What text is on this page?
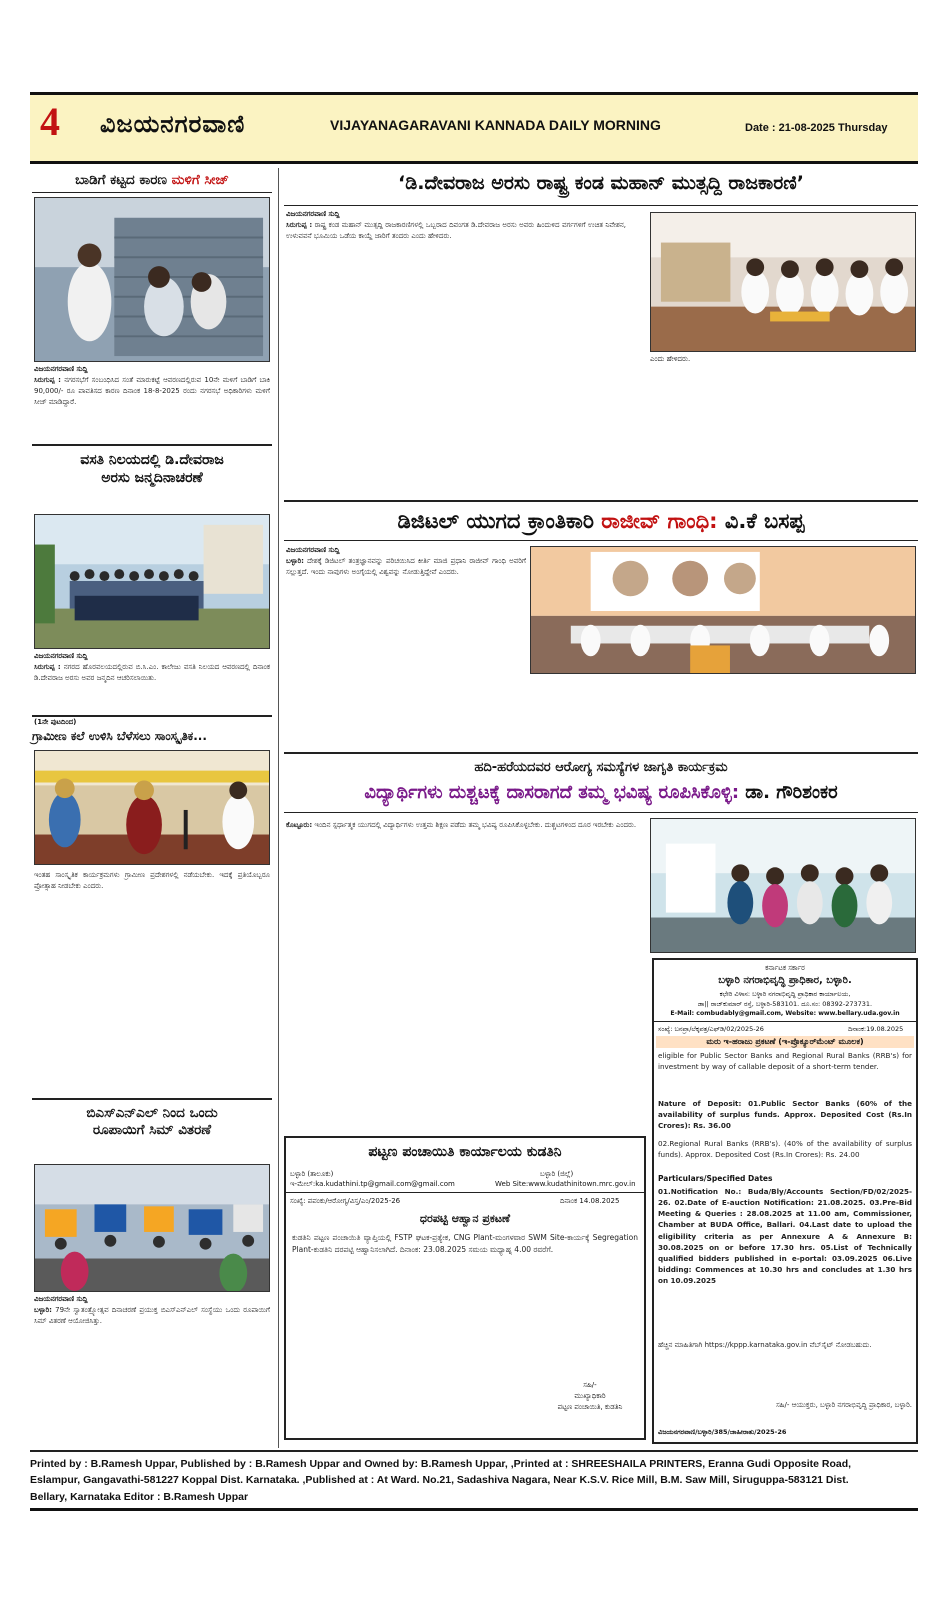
4 ವಿಜಯನಗರವಾಣಿ	VIJAYANAGARAVANI KANNADA DAILY MORNING	Date : 21-08-2025 Thursday
ಬಾಡಿಗೆ ಕಟ್ಟದ ಕಾರಣ ಮಳಿಗೆ ಸೀಜ್
ವಿಜಯನಗರವಾಣಿ ಸುದ್ದಿ
ಸಿರುಗುಪ್ಪ : ನಗರಸಭೆಗೆ ಸಂಬಂಧಿಸಿದ ಸಂತೆ ಮಾರುಕಟ್ಟೆ ಆವರಣದಲ್ಲಿರುವ 10ನೇ ಮಳಿಗೆ ಬಾಡಿಗೆ ಬಾಕಿ 90,000/- ರೂ ಪಾವತಿಸದ ಕಾರಣ ದಿನಾಂಕ 18-8-2025 ರಂದು ನಗರಸಭೆ ಅಧಿಕಾರಿಗಳು ಮಳಿಗೆ ಸೀಜ್ ಮಾಡಿದ್ದಾರೆ.
ವಸತಿ ನಿಲಯದಲ್ಲಿ ಡಿ.ದೇವರಾಜ
ಅರಸು ಜನ್ಮದಿನಾಚರಣೆ
ವಿಜಯನಗರವಾಣಿ ಸುದ್ದಿ
ಸಿರುಗುಪ್ಪ : ನಗರದ ಹೊರವಲಯದಲ್ಲಿರುವ ಬಿ.ಸಿ.ಎಂ. ಕಾಲೇಜು ವಸತಿ ನಿಲಯದ ಆವರಣದಲ್ಲಿ ದಿನಾಂಕ ಡಿ.ದೇವರಾಜ ಅರಸು ಅವರ ಜನ್ಮದಿನ ಆಚರಿಸಲಾಯಿತು.
(1ನೇ ಪುಟದಿಂದ)
ಗ್ರಾಮೀಣ ಕಲೆ ಉಳಿಸಿ ಬೆಳೆಸಲು ಸಾಂಸ್ಕೃತಿಕ...
ಇಂತಹ ಸಾಂಸ್ಕೃತಿಕ ಕಾರ್ಯಕ್ರಮಗಳು ಗ್ರಾಮೀಣ ಪ್ರದೇಶಗಳಲ್ಲಿ ನಡೆಯಬೇಕು. ಇದಕ್ಕೆ ಪ್ರತಿಯೊಬ್ಬರೂ ಪ್ರೋತ್ಸಾಹ ನೀಡಬೇಕು ಎಂದರು.
ಬಿಎಸ್‌ಎನ್‌ಎಲ್ ನಿಂದ ಒಂದು
ರೂಪಾಯಿಗೆ ಸಿಮ್ ವಿತರಣೆ
ವಿಜಯನಗರವಾಣಿ ಸುದ್ದಿ
ಬಳ್ಳಾರಿ: 79ನೇ ಸ್ವಾತಂತ್ರ್ಯೋತ್ಸವ ದಿನಾಚರಣೆ ಪ್ರಯುಕ್ತ ಬಿಎಸ್‌ಎನ್‌ಎಲ್ ಸಂಸ್ಥೆಯು ಒಂದು ರೂಪಾಯಿಗೆ ಸಿಮ್ ವಿತರಣೆ ಆಯೋಜಿಸಿತ್ತು.
‘ಡಿ.ದೇವರಾಜ ಅರಸು ರಾಷ್ಟ್ರ ಕಂಡ ಮಹಾನ್ ಮುತ್ಸದ್ದಿ ರಾಜಕಾರಣಿ’
ವಿಜಯನಗರವಾಣಿ ಸುದ್ದಿ
ಸಿರುಗುಪ್ಪ : ರಾಷ್ಟ್ರ ಕಂಡ ಮಹಾನ್ ಮುತ್ಸದ್ದಿ ರಾಜಕಾರಣಿಗಳಲ್ಲಿ ಒಬ್ಬರಾದ ದಿವಂಗತ ಡಿ.ದೇವರಾಜ ಅರಸು ಅವರು ಹಿಂದುಳಿದ ವರ್ಗಗಳಿಗೆ ಉಚಿತ ನಿವೇಶನ, ಉಳುವವನೆ ಭೂಮಿಯ ಒಡೆಯ ಕಾಯ್ದೆ ಜಾರಿಗೆ ತಂದರು ಎಂದು ಹೇಳಿದರು.
ಎಂದು ಹೇಳಿದರು.
ಡಿಜಿಟಲ್ ಯುಗದ ಕ್ರಾಂತಿಕಾರಿ ರಾಜೀವ್ ಗಾಂಧಿ: ವಿ.ಕೆ ಬಸಪ್ಪ
ವಿಜಯನಗರವಾಣಿ ಸುದ್ದಿ
ಬಳ್ಳಾರಿ: ದೇಶಕ್ಕೆ ಡಿಜಿಟಲ್ ತಂತ್ರಜ್ಞಾನವನ್ನು ಪರಿಚಯಿಸಿದ ಕೀರ್ತಿ ಮಾಜಿ ಪ್ರಧಾನಿ ರಾಜೀವ್ ಗಾಂಧಿ ಅವರಿಗೆ ಸಲ್ಲುತ್ತದೆ. ಇಂದು ನಾವುಗಳು ಅಂಗೈಯಲ್ಲಿ ವಿಶ್ವವನ್ನು ನೋಡುತ್ತಿದ್ದೇವೆ ಎಂದರು.
ಹದಿ-ಹರೆಯದವರ ಆರೋಗ್ಯ ಸಮಸ್ಯೆಗಳ ಜಾಗೃತಿ ಕಾರ್ಯಕ್ರಮ
ವಿದ್ಯಾರ್ಥಿಗಳು ದುಶ್ಚಟಕ್ಕೆ ದಾಸರಾಗದೆ ತಮ್ಮ ಭವಿಷ್ಯ ರೂಪಿಸಿಕೊಳ್ಳಿ: ಡಾ. ಗೌರಿಶಂಕರ
ಕೊಟ್ಟೂರು: ಇಂದಿನ ಸ್ಪರ್ಧಾತ್ಮಕ ಯುಗದಲ್ಲಿ ವಿದ್ಯಾರ್ಥಿಗಳು ಉತ್ತಮ ಶಿಕ್ಷಣ ಪಡೆದು ತಮ್ಮ ಭವಿಷ್ಯ ರೂಪಿಸಿಕೊಳ್ಳಬೇಕು. ದುಶ್ಚಟಗಳಿಂದ ದೂರ ಇರಬೇಕು ಎಂದರು.
ಪಟ್ಟಣ ಪಂಚಾಯಿತಿ ಕಾರ್ಯಾಲಯ ಕುಡತಿನಿ
ಬಳ್ಳಾರಿ (ತಾಲೂಕು)	ಬಳ್ಳಾರಿ (ಜಿಲ್ಲೆ)
ಇ-ಮೇಲ್:ka.kudathini.tp@gmail.com@gmail.com	Web Site:www.kudathinitown.mrc.gov.in
ಸಂಖ್ಯೆ: ಪಪಂಕು/ಆರೋಗ್ಯ/ವಿಸ್ತ/ಎಂ/2025-26	ದಿನಾಂಕ 14.08.2025
ಧರಪಟ್ಟಿ ಆಹ್ವಾನ ಪ್ರಕಟಣೆ
ಕುಡತಿನಿ ಪಟ್ಟಣ ಪಂಚಾಯಿತಿ ವ್ಯಾಪ್ತಿಯಲ್ಲಿ FSTP ಘಟಕ-ಪ್ರತ್ಯೇಕ, CNG Plant-ಮಂಗಳವಾರ SWM Site-ಕಾರ್ಯಕ್ಕೆ Segregation Plant-ಕುಡತಿನಿ ದರಪಟ್ಟಿ ಆಹ್ವಾನಿಸಲಾಗಿದೆ. ದಿನಾಂಕ: 23.08.2025 ಸಮಯ ಮಧ್ಯಾಹ್ನ 4.00 ರವರೆಗೆ.
ಸಹಿ/-
ಮುಖ್ಯಾಧಿಕಾರಿ
ಪಟ್ಟಣ ಪಂಚಾಯಿತಿ, ಕುಡತಿನಿ
ಕರ್ನಾಟಕ ಸರ್ಕಾರ
ಬಳ್ಳಾರಿ ನಗರಾಭಿವೃದ್ಧಿ ಪ್ರಾಧಿಕಾರ, ಬಳ್ಳಾರಿ.
ಕಛೇರಿ ವಿಳಾಸ: ಬಳ್ಳಾರಿ ನಗರಾಭಿವೃದ್ಧಿ ಪ್ರಾಧಿಕಾರ ಕಾರ್ಯಾಲಯ,
ಡಾ|| ರಾಜ್‌ಕುಮಾರ್ ರಸ್ತೆ, ಬಳ್ಳಾರಿ-583101. ದೂ.ಸಂ: 08392-273731.
E-Mail: combudably@gmail.com, Website: www.bellary.uda.gov.in
ಸಂಖ್ಯೆ: ಬನಪ್ರಾ/ಲೆಕ್ಕಪತ್ರ/ಎಫ್‌ಡಿ/02/2025-26	ದಿನಾಂಕ:19.08.2025
ಮರು ಇ-ಹರಾಜು ಪ್ರಕಟಣೆ (ಇ-ಪ್ರೊಕ್ಯೂರ್‌ಮೆಂಟ್ ಮೂಲಕ)
eligible for Public Sector Banks and Regional Rural Banks (RRB's) for investment by way of callable deposit of a short-term tender.
Nature of Deposit: 01.Public Sector Banks (60% of the availability of surplus funds. Approx. Deposited Cost (Rs.In Crores): Rs. 36.00
02.Regional Rural Banks (RRB's). (40% of the availability of surplus funds). Approx. Deposited Cost (Rs.In Crores): Rs. 24.00
Particulars/Specified Dates
01.Notification No.: Buda/Bly/Accounts Section/FD/02/2025-26. 02.Date of E-auction Notification: 21.08.2025. 03.Pre-Bid Meeting & Queries : 28.08.2025 at 11.00 am, Commissioner, Chamber at BUDA Office, Ballari. 04.Last date to upload the eligibility criteria as per Annexure A & Annexure B: 30.08.2025 on or before 17.30 hrs. 05.List of Technically qualified bidders published in e-portal: 03.09.2025 06.Live bidding: Commences at 10.30 hrs and concludes at 1.30 hrs on 10.09.2025
ಹೆಚ್ಚಿನ ಮಾಹಿತಿಗಾಗಿ https://kppp.karnataka.gov.in ವೆಬ್‌ಸೈಟ್ ನೋಡಬಹುದು.
ಸಹಿ/- ಆಯುಕ್ತರು, ಬಳ್ಳಾರಿ ನಗರಾಭಿವೃದ್ಧಿ ಪ್ರಾಧಿಕಾರ, ಬಳ್ಳಾರಿ.
ವಿಜಯನಗರವಾಣಿ/ಬಳ್ಳಾರಿ/385/ಜಾಹೀರಾತು/2025-26
Printed by : B.Ramesh Uppar, Published by : B.Ramesh Uppar and Owned by: B.Ramesh Uppar, ,Printed at : SHREESHAILA PRINTERS, Eranna Gudi Opposite Road,
Eslampur, Gangavathi-581227 Koppal Dist. Karnataka. ,Published at : At Ward. No.21, Sadashiva Nagara, Near K.S.V. Rice Mill, B.M. Saw Mill, Siruguppa-583121 Dist.
Bellary, Karnataka Editor : B.Ramesh Uppar
